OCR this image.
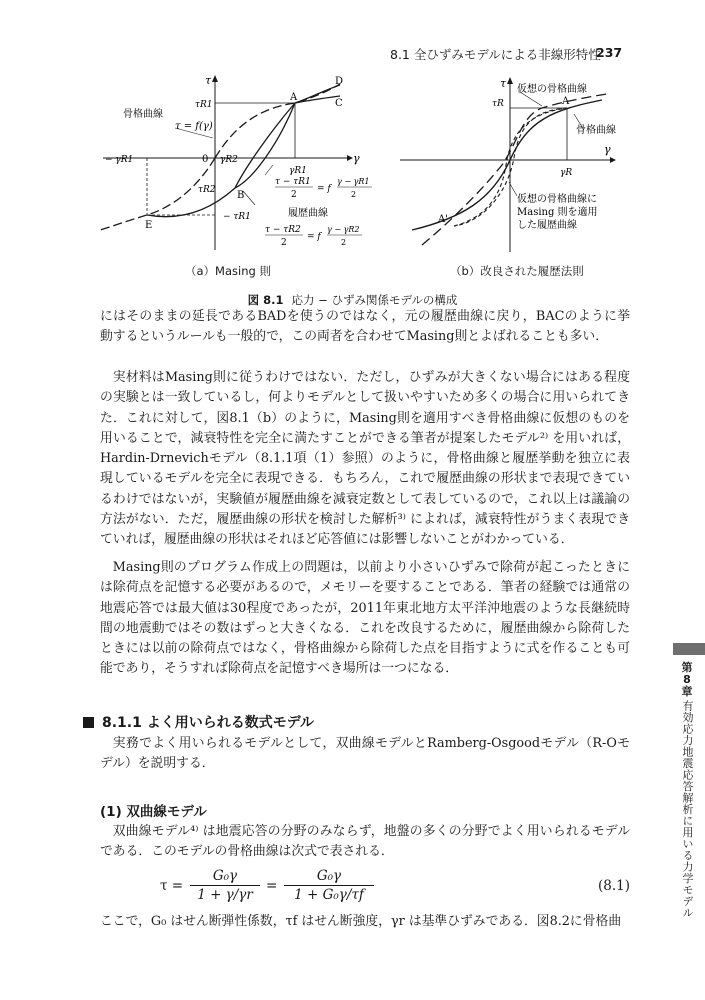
8.1 全ひずみモデルによる非線形特性
237
τ
τR1
骨格曲線
τ = f(γ)
− γR1	0 γR2	γ
γR1
τR2
− τR1
A
B
C
D
E
τ − τR1
2
= f
γ − γR1
2
履歴曲線
τ − τR2
2
= f
γ − γR2
2
τ
τR
仮想の骨格曲線
A
骨格曲線
γ
γR
仮想の骨格曲線に
Masing 則を適用
した履歴曲線
A'
（a）Masing 則	（b）改良された履歴法則
図 8.1 応力 − ひずみ関係モデルの構成

にはそのままの延長であるBADを使うのではなく，元の履歴曲線に戻り，BACのように挙動するというルールも一般的で，この両者を合わせてMasing則とよばれることも多い．

実材料はMasing則に従うわけではない．ただし，ひずみが大きくない場合にはある程度の実験とは一致しているし，何よりモデルとして扱いやすいため多くの場合に用いられてきた．これに対して，図8.1（b）のように，Masing則を適用すべき骨格曲線に仮想のものを用いることで，減衰特性を完全に満たすことができる筆者が提案したモデル²⁾ を用いれば，Hardin-Drnevichモデル（8.1.1項（1）参照）のように，骨格曲線と履歴挙動を独立に表現しているモデルを完全に表現できる．もちろん，これで履歴曲線の形状まで表現できているわけではないが，実験値が履歴曲線を減衰定数として表しているので，これ以上は議論の方法がない．ただ，履歴曲線の形状を検討した解析³⁾ によれば，減衰特性がうまく表現できていれば，履歴曲線の形状はそれほど応答値には影響しないことがわかっている．

Masing則のプログラム作成上の問題は，以前より小さいひずみで除荷が起こったときには除荷点を記憶する必要があるので，メモリーを要することである．筆者の経験では通常の地震応答では最大値は30程度であったが，2011年東北地方太平洋沖地震のような長継続時間の地震動ではその数はずっと大きくなる．これを改良するために，履歴曲線から除荷したときには以前の除荷点ではなく，骨格曲線から除荷した点を目指すように式を作ることも可能であり，そうすれば除荷点を記憶すべき場所は一つになる．

8.1.1 よく用いられる数式モデル

実務でよく用いられるモデルとして，双曲線モデルとRamberg-Osgoodモデル（R-Oモデル）を説明する．

(1) 双曲線モデル

双曲線モデル⁴⁾ は地震応答の分野のみならず，地盤の多くの分野でよく用いられるモデルである．このモデルの骨格曲線は次式で表される．

$\tau = \frac{\text{G₀γ}}{1 + \gamma/\gamma r} = \frac{\text{G₀γ}}{\text{1 + G₀γ/τf}}$	(8.1)

ここで，G₀ はせん断弾性係数，τf はせん断強度，γr は基準ひずみである．図8.2に骨格曲

第8章
有効応力地震応答解析に用いる力学モデル
